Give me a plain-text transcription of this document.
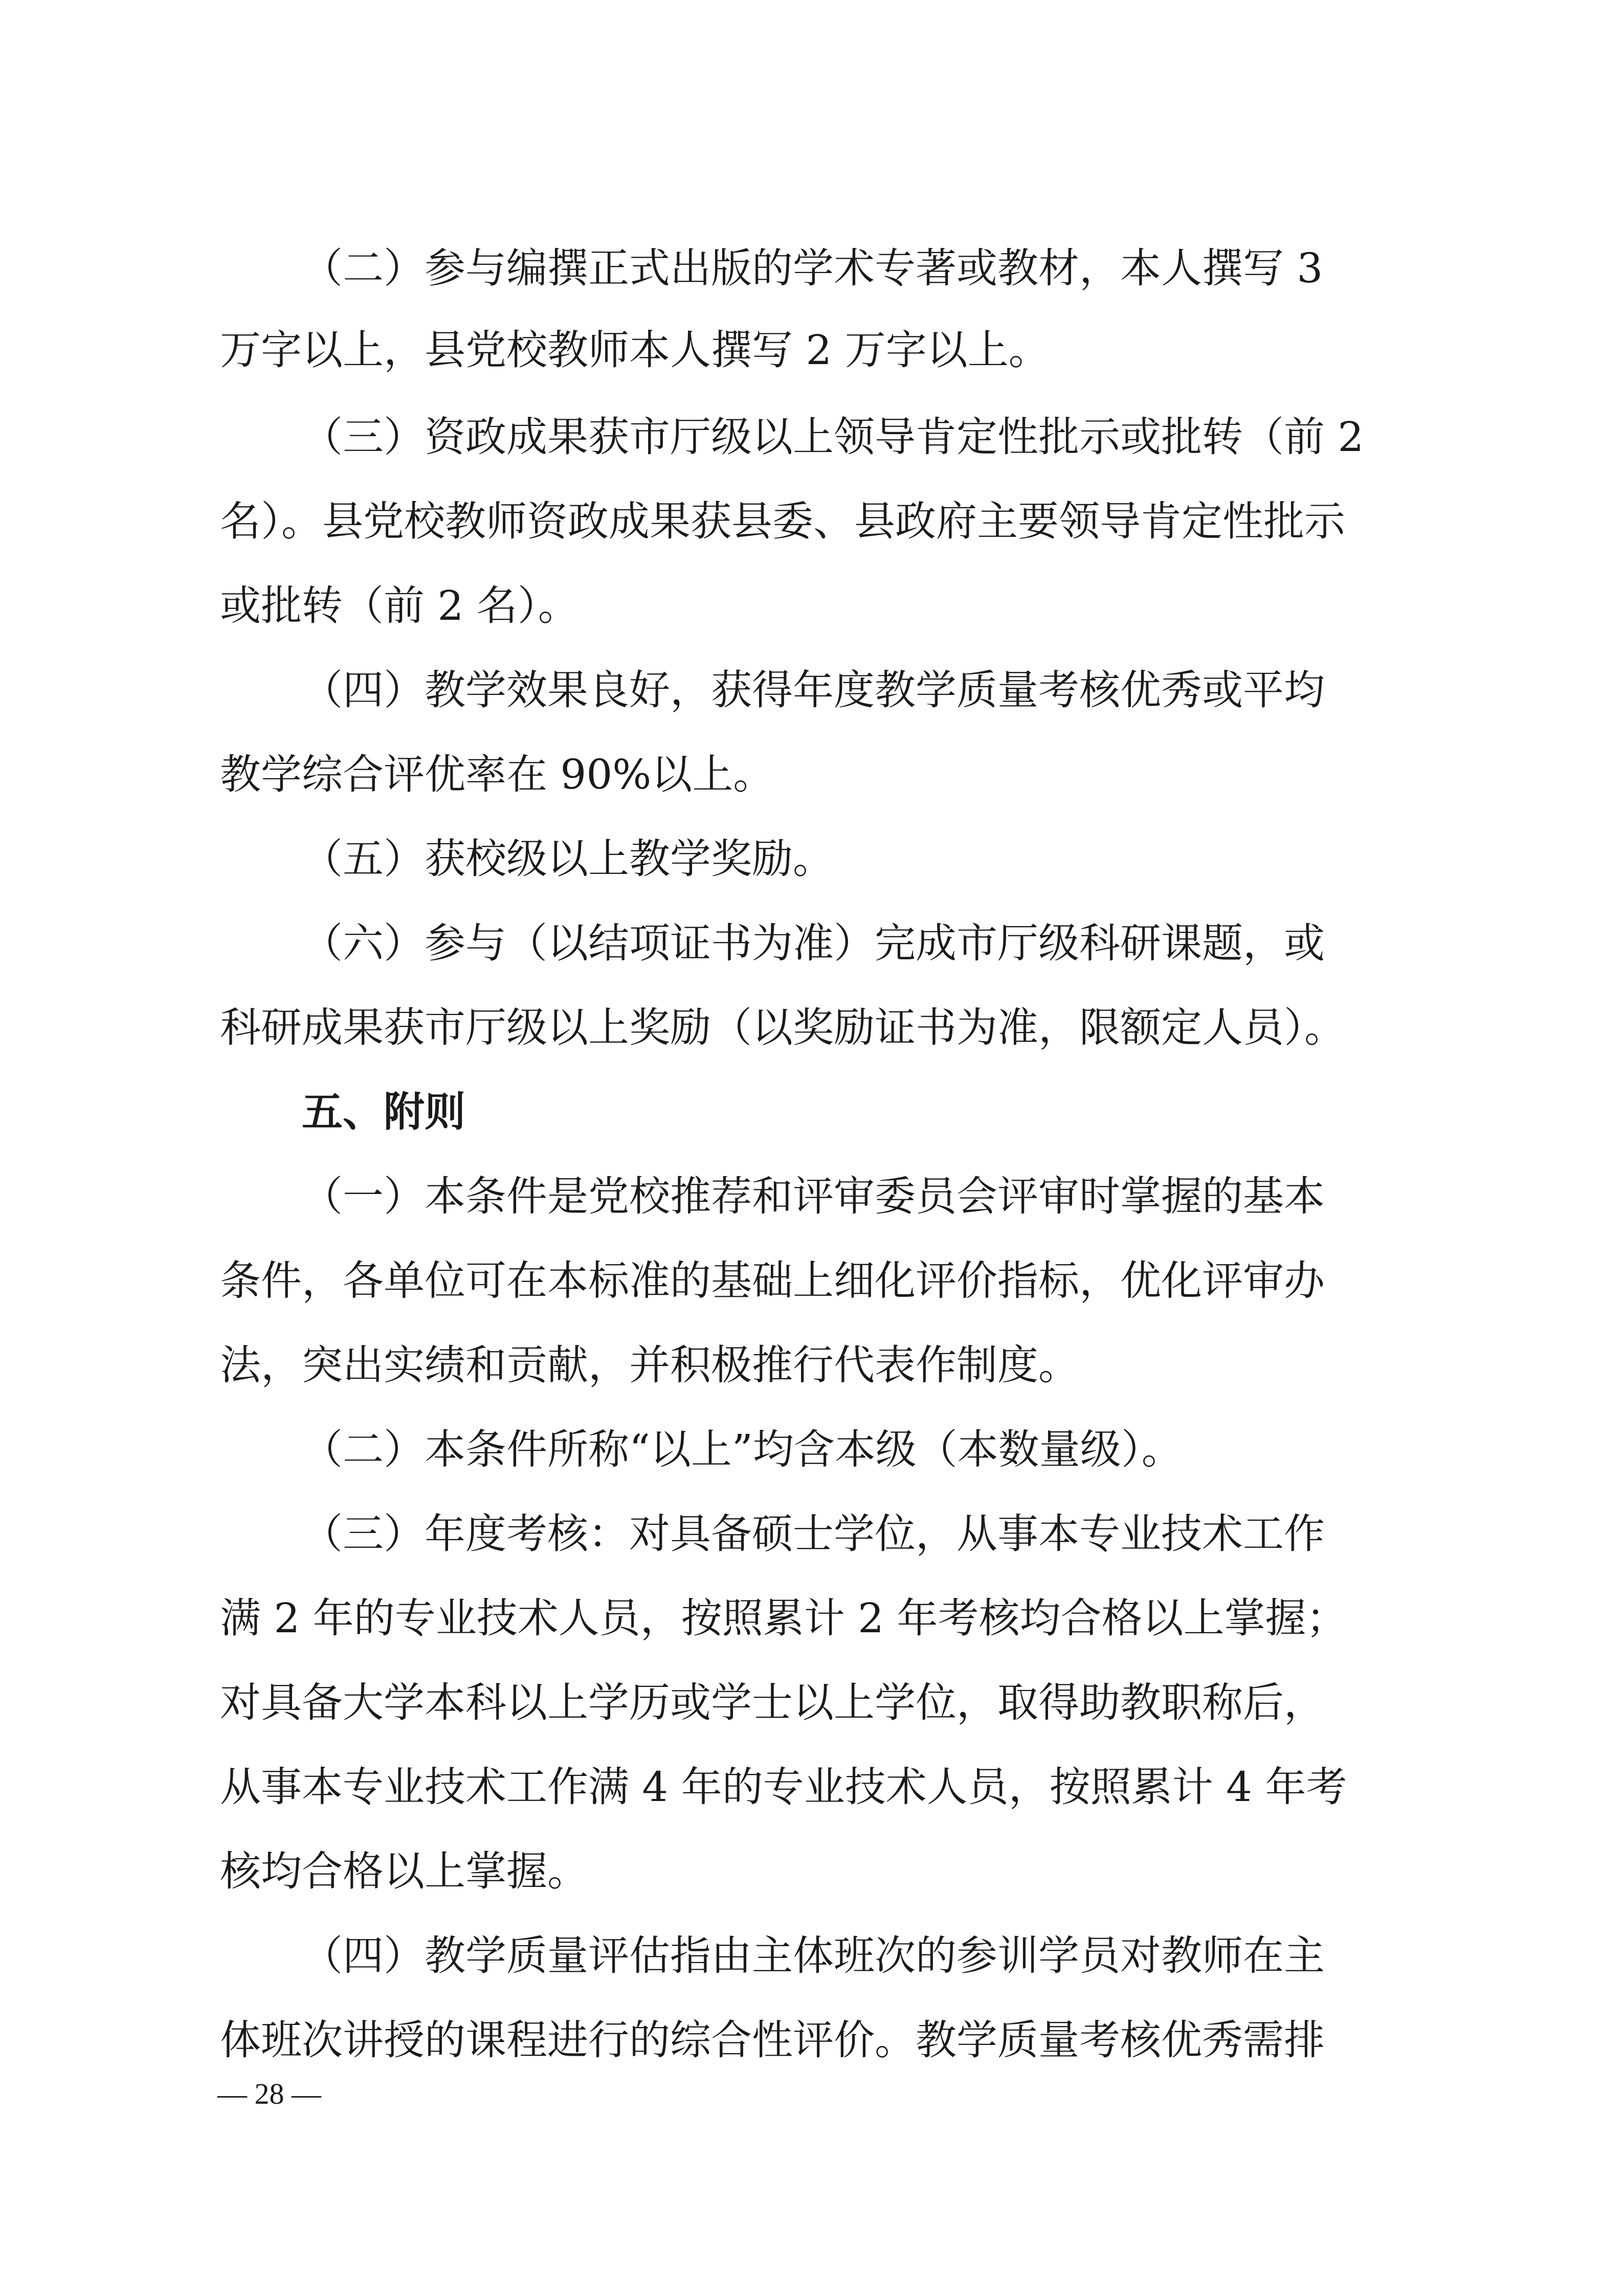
（二）参与编撰正式出版的学术专著或教材，本人撰写 3
万字以上，县党校教师本人撰写 2 万字以上。
（三）资政成果获市厅级以上领导肯定性批示或批转（前 2
名）。县党校教师资政成果获县委、县政府主要领导肯定性批示
或批转（前 2 名）。
（四）教学效果良好，获得年度教学质量考核优秀或平均
教学综合评优率在 90%以上。
（五）获校级以上教学奖励。
（六）参与（以结项证书为准）完成市厅级科研课题，或
科研成果获市厅级以上奖励（以奖励证书为准，限额定人员）。
五、附则
（一）本条件是党校推荐和评审委员会评审时掌握的基本
条件，各单位可在本标准的基础上细化评价指标，优化评审办
法，突出实绩和贡献，并积极推行代表作制度。
（二）本条件所称“以上”均含本级（本数量级）。
（三）年度考核：对具备硕士学位，从事本专业技术工作
满 2 年的专业技术人员，按照累计 2 年考核均合格以上掌握；
对具备大学本科以上学历或学士以上学位，取得助教职称后，
从事本专业技术工作满 4 年的专业技术人员，按照累计 4 年考
核均合格以上掌握。
（四）教学质量评估指由主体班次的参训学员对教师在主
体班次讲授的课程进行的综合性评价。教学质量考核优秀需排
— 28 —
